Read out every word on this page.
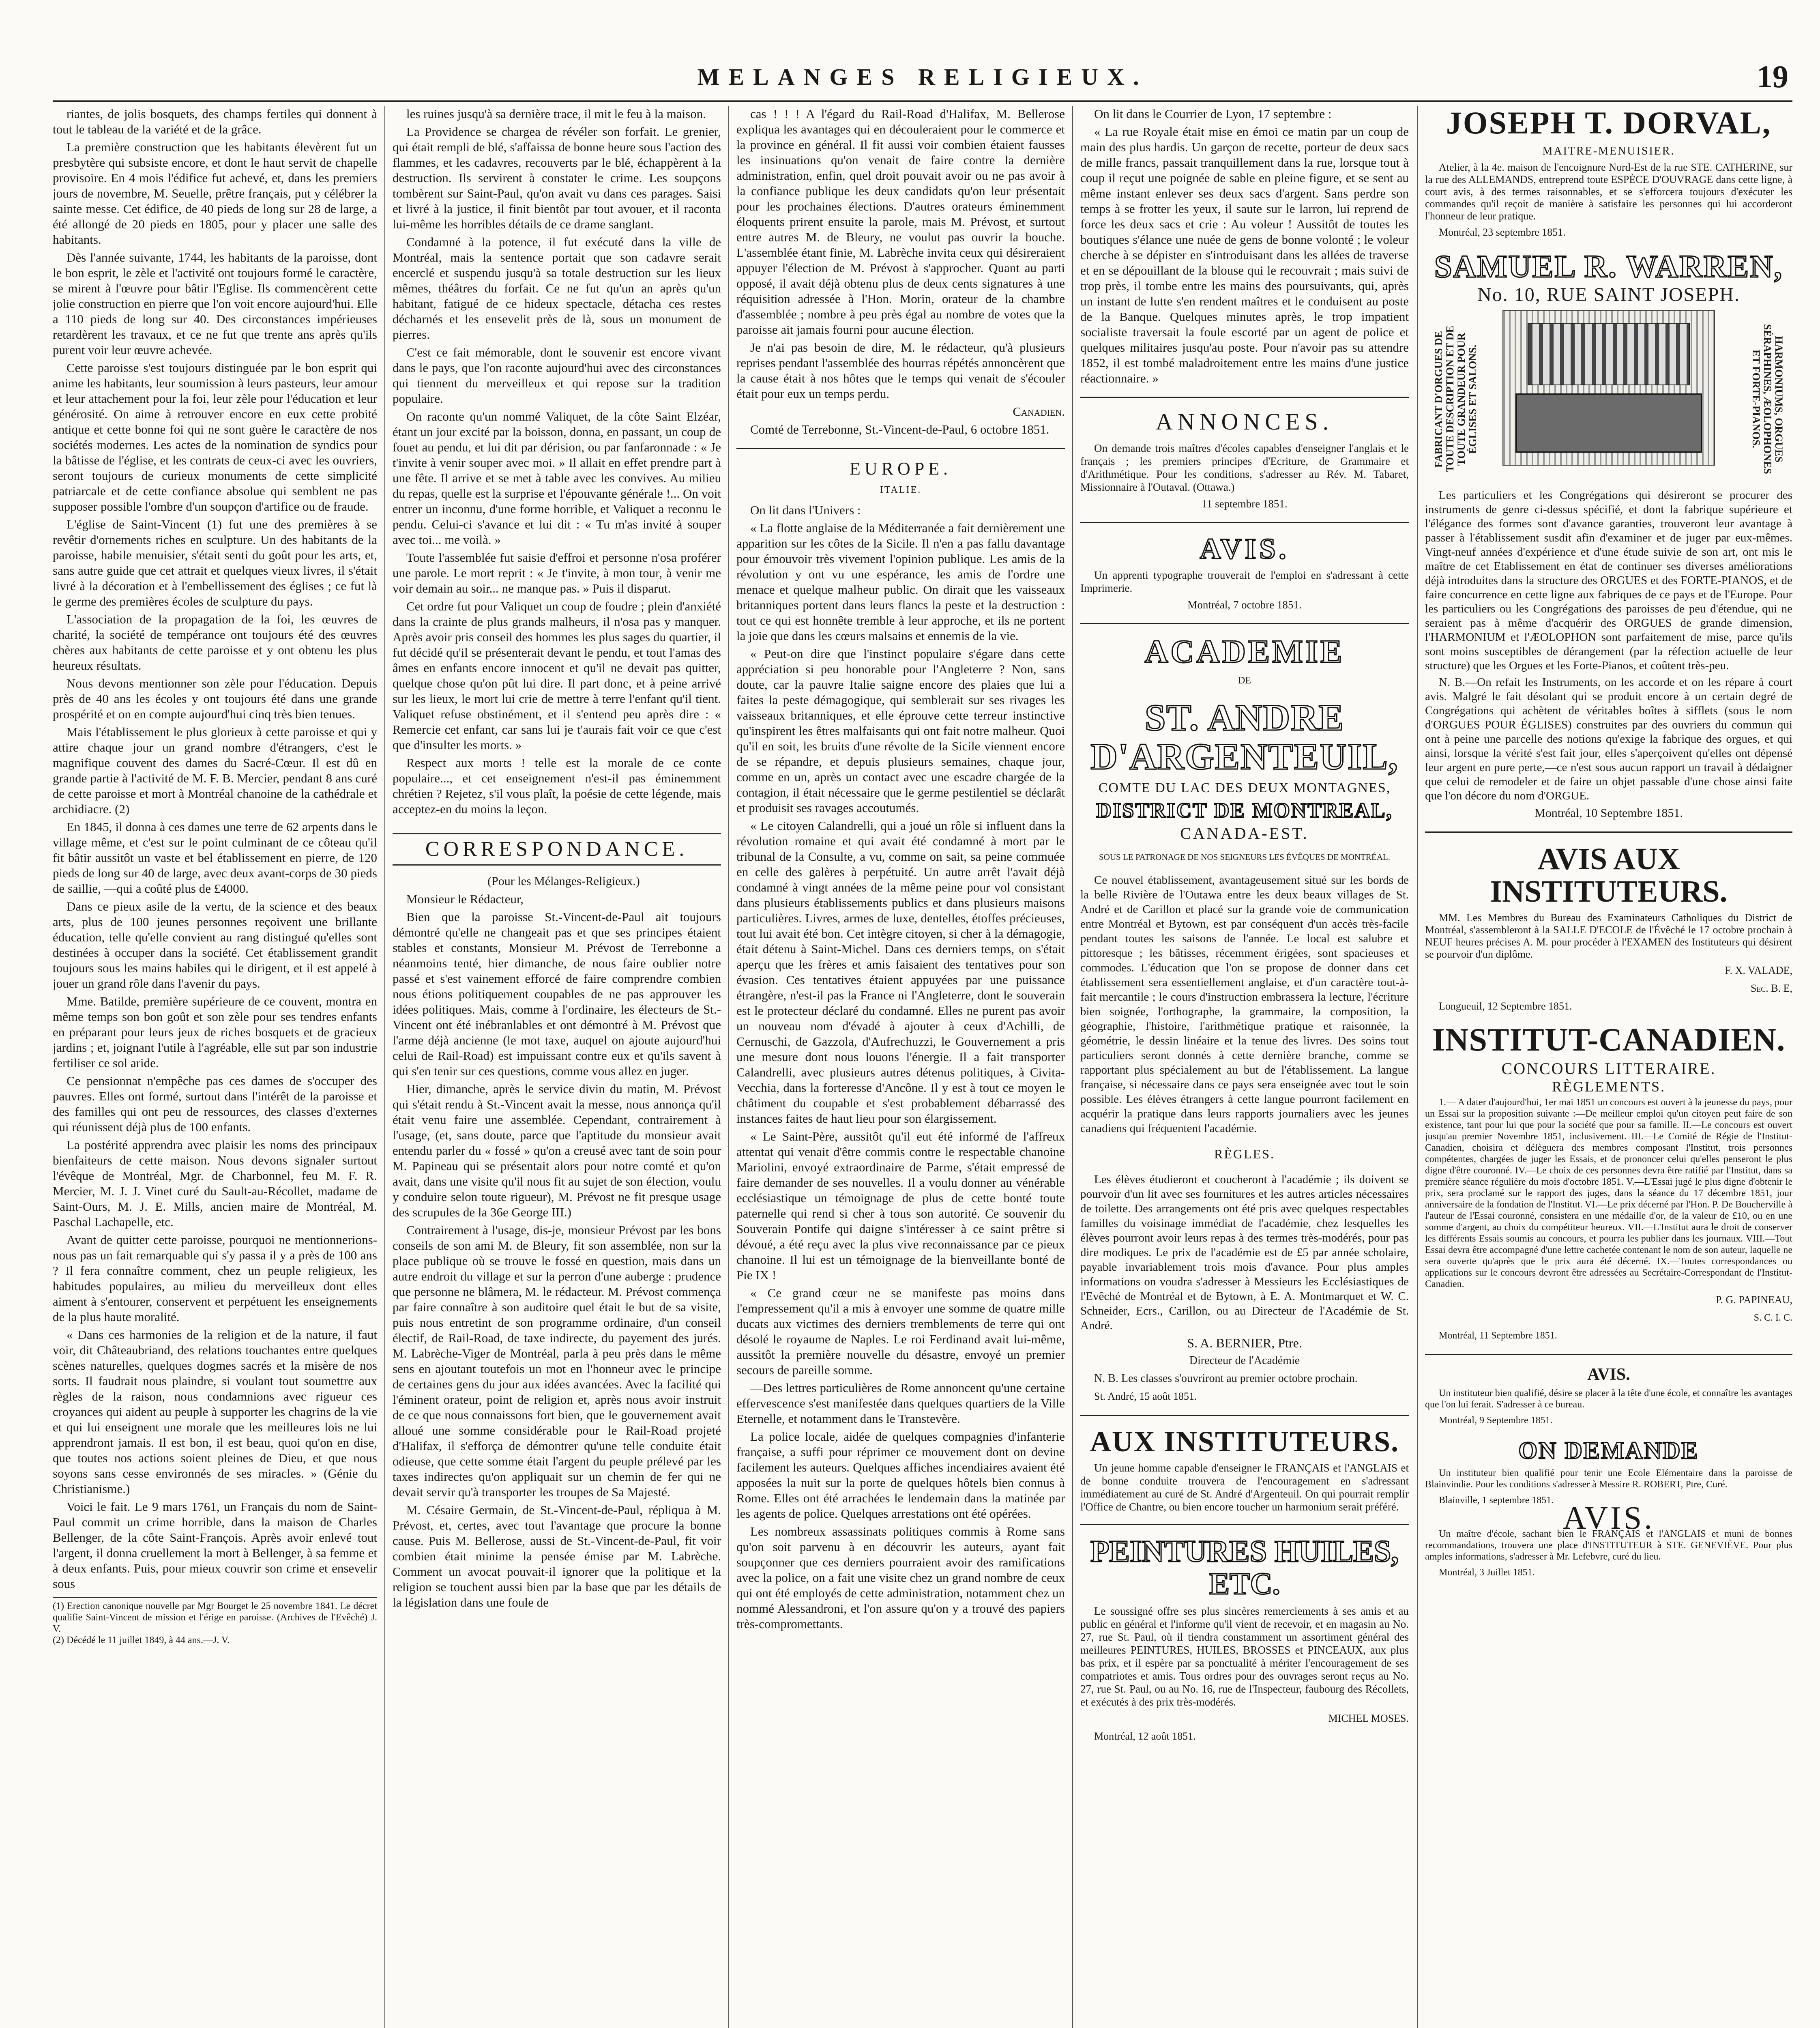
MELANGES RELIGIEUX.	19

riantes, de jolis bosquets, des champs fertiles qui donnent à tout le tableau de la variété et de la grâce.

La première construction que les habitants élevèrent fut un presbytère qui subsiste encore, et dont le haut servit de chapelle provisoire. En 4 mois l'édifice fut achevé, et, dans les premiers jours de novembre, M. Seuelle, prêtre français, put y célébrer la sainte messe. Cet édifice, de 40 pieds de long sur 28 de large, a été allongé de 20 pieds en 1805, pour y placer une salle des habitants.

Dès l'année suivante, 1744, les habitants de la paroisse, dont le bon esprit, le zèle et l'activité ont toujours formé le caractère, se mirent à l'œuvre pour bâtir l'Eglise. Ils commencèrent cette jolie construction en pierre que l'on voit encore aujourd'hui. Elle a 110 pieds de long sur 40. Des circonstances impérieuses retardèrent les travaux, et ce ne fut que trente ans après qu'ils purent voir leur œuvre achevée.

Cette paroisse s'est toujours distinguée par le bon esprit qui anime les habitants, leur soumission à leurs pasteurs, leur amour et leur attachement pour la foi, leur zèle pour l'éducation et leur générosité. On aime à retrouver encore en eux cette probité antique et cette bonne foi qui ne sont guère le caractère de nos sociétés modernes. Les actes de la nomination de syndics pour la bâtisse de l'église, et les contrats de ceux-ci avec les ouvriers, seront toujours de curieux monuments de cette simplicité patriarcale et de cette confiance absolue qui semblent ne pas supposer possible l'ombre d'un soupçon d'artifice ou de fraude.

L'église de Saint-Vincent (1) fut une des premières à se revêtir d'ornements riches en sculpture. Un des habitants de la paroisse, habile menuisier, s'était senti du goût pour les arts, et, sans autre guide que cet attrait et quelques vieux livres, il s'était livré à la décoration et à l'embellissement des églises ; ce fut là le germe des premières écoles de sculpture du pays.

L'association de la propagation de la foi, les œuvres de charité, la société de tempérance ont toujours été des œuvres chères aux habitants de cette paroisse et y ont obtenu les plus heureux résultats.

Nous devons mentionner son zèle pour l'éducation. Depuis près de 40 ans les écoles y ont toujours été dans une grande prospérité et on en compte aujourd'hui cinq très bien tenues.

Mais l'établissement le plus glorieux à cette paroisse et qui y attire chaque jour un grand nombre d'étrangers, c'est le magnifique couvent des dames du Sacré-Cœur. Il est dû en grande partie à l'activité de M. F. B. Mercier, pendant 8 ans curé de cette paroisse et mort à Montréal chanoine de la cathédrale et archidiacre. (2)

En 1845, il donna à ces dames une terre de 62 arpents dans le village même, et c'est sur le point culminant de ce côteau qu'il fit bâtir aussitôt un vaste et bel établissement en pierre, de 120 pieds de long sur 40 de large, avec deux avant-corps de 30 pieds de saillie, —qui a coûté plus de £4000.

Dans ce pieux asile de la vertu, de la science et des beaux arts, plus de 100 jeunes personnes reçoivent une brillante éducation, telle qu'elle convient au rang distingué qu'elles sont destinées à occuper dans la société. Cet établissement grandit toujours sous les mains habiles qui le dirigent, et il est appelé à jouer un grand rôle dans l'avenir du pays.

Mme. Batilde, première supérieure de ce couvent, montra en même temps son bon goût et son zèle pour ses tendres enfants en préparant pour leurs jeux de riches bosquets et de gracieux jardins ; et, joignant l'utile à l'agréable, elle sut par son industrie fertiliser ce sol aride.

Ce pensionnat n'empêche pas ces dames de s'occuper des pauvres. Elles ont formé, surtout dans l'intérêt de la paroisse et des familles qui ont peu de ressources, des classes d'externes qui réunissent déjà plus de 100 enfants.

La postérité apprendra avec plaisir les noms des principaux bienfaiteurs de cette maison. Nous devons signaler surtout l'évêque de Montréal, Mgr. de Charbonnel, feu M. F. R. Mercier, M. J. J. Vinet curé du Sault-au-Récollet, madame de Saint-Ours, M. J. E. Mills, ancien maire de Montréal, M. Paschal Lachapelle, etc.

Avant de quitter cette paroisse, pourquoi ne mentionnerions-nous pas un fait remarquable qui s'y passa il y a près de 100 ans ? Il fera connaître comment, chez un peuple religieux, les habitudes populaires, au milieu du merveilleux dont elles aiment à s'entourer, conservent et perpétuent les enseignements de la plus haute moralité.

« Dans ces harmonies de la religion et de la nature, il faut voir, dit Châteaubriand, des relations touchantes entre quelques scènes naturelles, quelques dogmes sacrés et la misère de nos sorts. Il faudrait nous plaindre, si voulant tout soumettre aux règles de la raison, nous condamnions avec rigueur ces croyances qui aident au peuple à supporter les chagrins de la vie et qui lui enseignent une morale que les meilleures lois ne lui apprendront jamais. Il est bon, il est beau, quoi qu'on en dise, que toutes nos actions soient pleines de Dieu, et que nous soyons sans cesse environnés de ses miracles. » (Génie du Christianisme.)

Voici le fait. Le 9 mars 1761, un Français du nom de Saint-Paul commit un crime horrible, dans la maison de Charles Bellenger, de la côte Saint-François. Après avoir enlevé tout l'argent, il donna cruellement la mort à Bellenger, à sa femme et à deux enfants. Puis, pour mieux couvrir son crime et ensevelir sous

(1) Erection canonique nouvelle par Mgr Bourget le 25 novembre 1841. Le décret qualifie Saint-Vincent de mission et l'érige en paroisse. (Archives de l'Evêché) J. V.
(2) Décédé le 11 juillet 1849, à 44 ans.—J. V.

les ruines jusqu'à sa dernière trace, il mit le feu à la maison.

La Providence se chargea de révéler son forfait. Le grenier, qui était rempli de blé, s'affaissa de bonne heure sous l'action des flammes, et les cadavres, recouverts par le blé, échappèrent à la destruction. Ils servirent à constater le crime. Les soupçons tombèrent sur Saint-Paul, qu'on avait vu dans ces parages. Saisi et livré à la justice, il finit bientôt par tout avouer, et il raconta lui-même les horribles détails de ce drame sanglant.

Condamné à la potence, il fut exécuté dans la ville de Montréal, mais la sentence portait que son cadavre serait encerclé et suspendu jusqu'à sa totale destruction sur les lieux mêmes, théâtres du forfait. Ce ne fut qu'un an après qu'un habitant, fatigué de ce hideux spectacle, détacha ces restes décharnés et les ensevelit près de là, sous un monument de pierres.

C'est ce fait mémorable, dont le souvenir est encore vivant dans le pays, que l'on raconte aujourd'hui avec des circonstances qui tiennent du merveilleux et qui repose sur la tradition populaire.

On raconte qu'un nommé Valiquet, de la côte Saint Elzéar, étant un jour excité par la boisson, donna, en passant, un coup de fouet au pendu, et lui dit par dérision, ou par fanfaronnade : « Je t'invite à venir souper avec moi. » Il allait en effet prendre part à une fête. Il arrive et se met à table avec les convives. Au milieu du repas, quelle est la surprise et l'épouvante générale !... On voit entrer un inconnu, d'une forme horrible, et Valiquet a reconnu le pendu. Celui-ci s'avance et lui dit : « Tu m'as invité à souper avec toi... me voilà. »

Toute l'assemblée fut saisie d'effroi et personne n'osa proférer une parole. Le mort reprit : « Je t'invite, à mon tour, à venir me voir demain au soir... ne manque pas. » Puis il disparut.

Cet ordre fut pour Valiquet un coup de foudre ; plein d'anxiété dans la crainte de plus grands malheurs, il n'osa pas y manquer. Après avoir pris conseil des hommes les plus sages du quartier, il fut décidé qu'il se présenterait devant le pendu, et tout l'amas des âmes en enfants encore innocent et qu'il ne devait pas quitter, quelque chose qu'on pût lui dire. Il part donc, et à peine arrivé sur les lieux, le mort lui crie de mettre à terre l'enfant qu'il tient. Valiquet refuse obstinément, et il s'entend peu après dire : « Remercie cet enfant, car sans lui je t'aurais fait voir ce que c'est que d'insulter les morts. »

Respect aux morts ! telle est la morale de ce conte populaire..., et cet enseignement n'est-il pas éminemment chrétien ? Rejetez, s'il vous plaît, la poésie de cette légende, mais acceptez-en du moins la leçon.

CORRESPONDANCE.

(Pour les Mélanges-Religieux.)

Monsieur le Rédacteur,

Bien que la paroisse St.-Vincent-de-Paul ait toujours démontré qu'elle ne changeait pas et que ses principes étaient stables et constants, Monsieur M. Prévost de Terrebonne a néanmoins tenté, hier dimanche, de nous faire oublier notre passé et s'est vainement efforcé de faire comprendre combien nous étions politiquement coupables de ne pas approuver les idées politiques. Mais, comme à l'ordinaire, les électeurs de St.-Vincent ont été inébranlables et ont démontré à M. Prévost que l'arme déjà ancienne (le mot taxe, auquel on ajoute aujourd'hui celui de Rail-Road) est impuissant contre eux et qu'ils savent à qui s'en tenir sur ces questions, comme vous allez en juger.

Hier, dimanche, après le service divin du matin, M. Prévost qui s'était rendu à St.-Vincent avait la messe, nous annonça qu'il était venu faire une assemblée. Cependant, contrairement à l'usage, (et, sans doute, parce que l'aptitude du monsieur avait entendu parler du « fossé » qu'on a creusé avec tant de soin pour M. Papineau qui se présentait alors pour notre comté et qu'on avait, dans une visite qu'il nous fit au sujet de son élection, voulu y conduire selon toute rigueur), M. Prévost ne fit presque usage des scrupules de la 36e George III.)

Contrairement à l'usage, dis-je, monsieur Prévost par les bons conseils de son ami M. de Bleury, fit son assemblée, non sur la place publique où se trouve le fossé en question, mais dans un autre endroit du village et sur la perron d'une auberge : prudence que personne ne blâmera, M. le rédacteur. M. Prévost commença par faire connaître à son auditoire quel était le but de sa visite, puis nous entretint de son programme ordinaire, d'un conseil électif, de Rail-Road, de taxe indirecte, du payement des jurés. M. Labrèche-Viger de Montréal, parla à peu près dans le même sens en ajoutant toutefois un mot en l'honneur avec le principe de certaines gens du jour aux idées avancées. Avec la facilité qui l'éminent orateur, point de religion et, après nous avoir instruit de ce que nous connaissons fort bien, que le gouvernement avait alloué une somme considérable pour le Rail-Road projeté d'Halifax, il s'efforça de démontrer qu'une telle conduite était odieuse, que cette somme était l'argent du peuple prélevé par les taxes indirectes qu'on appliquait sur un chemin de fer qui ne devait servir qu'à transporter les troupes de Sa Majesté.

M. Césaire Germain, de St.-Vincent-de-Paul, répliqua à M. Prévost, et, certes, avec tout l'avantage que procure la bonne cause. Puis M. Bellerose, aussi de St.-Vincent-de-Paul, fit voir combien était minime la pensée émise par M. Labrèche. Comment un avocat pouvait-il ignorer que la politique et la religion se touchent aussi bien par la base que par les détails de la législation dans une foule de

cas ! ! ! A l'égard du Rail-Road d'Halifax, M. Bellerose expliqua les avantages qui en découleraient pour le commerce et la province en général. Il fit aussi voir combien étaient fausses les insinuations qu'on venait de faire contre la dernière administration, enfin, quel droit pouvait avoir ou ne pas avoir à la confiance publique les deux candidats qu'on leur présentait pour les prochaines élections. D'autres orateurs éminemment éloquents prirent ensuite la parole, mais M. Prévost, et surtout entre autres M. de Bleury, ne voulut pas ouvrir la bouche. L'assemblée étant finie, M. Labrèche invita ceux qui désireraient appuyer l'élection de M. Prévost à s'approcher. Quant au parti opposé, il avait déjà obtenu plus de deux cents signatures à une réquisition adressée à l'Hon. Morin, orateur de la chambre d'assemblée ; nombre à peu près égal au nombre de votes que la paroisse ait jamais fourni pour aucune élection.

Je n'ai pas besoin de dire, M. le rédacteur, qu'à plusieurs reprises pendant l'assemblée des hourras répétés annoncèrent que la cause était à nos hôtes que le temps qui venait de s'écouler était pour eux un temps perdu.

Canadien.

Comté de Terrebonne, St.-Vincent-de-Paul, 6 octobre 1851.

EUROPE.
ITALIE.

On lit dans l'Univers :

« La flotte anglaise de la Méditerranée a fait dernièrement une apparition sur les côtes de la Sicile. Il n'en a pas fallu davantage pour émouvoir très vivement l'opinion publique. Les amis de la révolution y ont vu une espérance, les amis de l'ordre une menace et quelque malheur public. On dirait que les vaisseaux britanniques portent dans leurs flancs la peste et la destruction : tout ce qui est honnête tremble à leur approche, et ils ne portent la joie que dans les cœurs malsains et ennemis de la vie.

« Peut-on dire que l'instinct populaire s'égare dans cette appréciation si peu honorable pour l'Angleterre ? Non, sans doute, car la pauvre Italie saigne encore des plaies que lui a faites la peste démagogique, qui semblerait sur ses rivages les vaisseaux britanniques, et elle éprouve cette terreur instinctive qu'inspirent les êtres malfaisants qui ont fait notre malheur. Quoi qu'il en soit, les bruits d'une révolte de la Sicile viennent encore de se répandre, et depuis plusieurs semaines, chaque jour, comme en un, après un contact avec une escadre chargée de la contagion, il était nécessaire que le germe pestilentiel se déclarât et produisit ses ravages accoutumés.

« Le citoyen Calandrelli, qui a joué un rôle si influent dans la révolution romaine et qui avait été condamné à mort par le tribunal de la Consulte, a vu, comme on sait, sa peine commuée en celle des galères à perpétuité. Un autre arrêt l'avait déjà condamné à vingt années de la même peine pour vol consistant dans plusieurs établissements publics et dans plusieurs maisons particulières. Livres, armes de luxe, dentelles, étoffes précieuses, tout lui avait été bon. Cet intègre citoyen, si cher à la démagogie, était détenu à Saint-Michel. Dans ces derniers temps, on s'était aperçu que les frères et amis faisaient des tentatives pour son évasion. Ces tentatives étaient appuyées par une puissance étrangère, n'est-il pas la France ni l'Angleterre, dont le souverain est le protecteur déclaré du condamné. Elles ne purent pas avoir un nouveau nom d'évadé à ajouter à ceux d'Achilli, de Cernuschi, de Gazzola, d'Aufrechuzzi, le Gouvernement a pris une mesure dont nous louons l'énergie. Il a fait transporter Calandrelli, avec plusieurs autres détenus politiques, à Civita-Vecchia, dans la forteresse d'Ancône. Il y est à tout ce moyen le châtiment du coupable et s'est probablement débarrassé des instances faites de haut lieu pour son élargissement.

« Le Saint-Père, aussitôt qu'il eut été informé de l'affreux attentat qui venait d'être commis contre le respectable chanoine Mariolini, envoyé extraordinaire de Parme, s'était empressé de faire demander de ses nouvelles. Il a voulu donner au vénérable ecclésiastique un témoignage de plus de cette bonté toute paternelle qui rend si cher à tous son autorité. Ce souvenir du Souverain Pontife qui daigne s'intéresser à ce saint prêtre si dévoué, a été reçu avec la plus vive reconnaissance par ce pieux chanoine. Il lui est un témoignage de la bienveillante bonté de Pie IX !

« Ce grand cœur ne se manifeste pas moins dans l'empressement qu'il a mis à envoyer une somme de quatre mille ducats aux victimes des derniers tremblements de terre qui ont désolé le royaume de Naples. Le roi Ferdinand avait lui-même, aussitôt la première nouvelle du désastre, envoyé un premier secours de pareille somme.

—Des lettres particulières de Rome annoncent qu'une certaine effervescence s'est manifestée dans quelques quartiers de la Ville Eternelle, et notamment dans le Transtevère.

La police locale, aidée de quelques compagnies d'infanterie française, a suffi pour réprimer ce mouvement dont on devine facilement les auteurs. Quelques affiches incendiaires avaient été apposées la nuit sur la porte de quelques hôtels bien connus à Rome. Elles ont été arrachées le lendemain dans la matinée par les agents de police. Quelques arrestations ont été opérées.

Les nombreux assassinats politiques commis à Rome sans qu'on soit parvenu à en découvrir les auteurs, ayant fait soupçonner que ces derniers pourraient avoir des ramifications avec la police, on a fait une visite chez un grand nombre de ceux qui ont été employés de cette administration, notamment chez un nommé Alessandroni, et l'on assure qu'on y a trouvé des papiers très-compromettants.

On lit dans le Courrier de Lyon, 17 septembre :

« La rue Royale était mise en émoi ce matin par un coup de main des plus hardis. Un garçon de recette, porteur de deux sacs de mille francs, passait tranquillement dans la rue, lorsque tout à coup il reçut une poignée de sable en pleine figure, et se sent au même instant enlever ses deux sacs d'argent. Sans perdre son temps à se frotter les yeux, il saute sur le larron, lui reprend de force les deux sacs et crie : Au voleur ! Aussitôt de toutes les boutiques s'élance une nuée de gens de bonne volonté ; le voleur cherche à se dépister en s'introduisant dans les allées de traverse et en se dépouillant de la blouse qui le recouvrait ; mais suivi de trop près, il tombe entre les mains des poursuivants, qui, après un instant de lutte s'en rendent maîtres et le conduisent au poste de la Banque. Quelques minutes après, le trop impatient socialiste traversait la foule escorté par un agent de police et quelques militaires jusqu'au poste. Pour n'avoir pas su attendre 1852, il est tombé maladroitement entre les mains d'une justice réactionnaire. »

ANNONCES.

On demande trois maîtres d'écoles capables d'enseigner l'anglais et le français ; les premiers principes d'Ecriture, de Grammaire et d'Arithmétique. Pour les conditions, s'adresser au Rév. M. Tabaret, Missionnaire à l'Outaval. (Ottawa.)

11 septembre 1851.

AVIS.

Un apprenti typographe trouverait de l'emploi en s'adressant à cette Imprimerie.

Montréal, 7 octobre 1851.

ACADEMIE
DE
ST. ANDRE D'ARGENTEUIL,
COMTE DU LAC DES DEUX MONTAGNES,
DISTRICT DE MONTREAL,
CANADA-EST.
SOUS LE PATRONAGE DE NOS SEIGNEURS LES ÉVÊQUES DE MONTRÉAL.

Ce nouvel établissement, avantageusement situé sur les bords de la belle Rivière de l'Outawa entre les deux beaux villages de St. André et de Carillon et placé sur la grande voie de communication entre Montréal et Bytown, est par conséquent d'un accès très-facile pendant toutes les saisons de l'année. Le local est salubre et pittoresque ; les bâtisses, récemment érigées, sont spacieuses et commodes. L'éducation que l'on se propose de donner dans cet établissement sera essentiellement anglaise, et d'un caractère tout-à-fait mercantile ; le cours d'instruction embrassera la lecture, l'écriture bien soignée, l'orthographe, la grammaire, la composition, la géographie, l'histoire, l'arithmétique pratique et raisonnée, la géométrie, le dessin linéaire et la tenue des livres. Des soins tout particuliers seront donnés à cette dernière branche, comme se rapportant plus spécialement au but de l'établissement. La langue française, si nécessaire dans ce pays sera enseignée avec tout le soin possible. Les élèves étrangers à cette langue pourront facilement en acquérir la pratique dans leurs rapports journaliers avec les jeunes canadiens qui fréquentent l'académie.

RÈGLES.

Les élèves étudieront et coucheront à l'académie ; ils doivent se pourvoir d'un lit avec ses fournitures et les autres articles nécessaires de toilette. Des arrangements ont été pris avec quelques respectables familles du voisinage immédiat de l'académie, chez lesquelles les élèves pourront avoir leurs repas à des termes très-modérés, pour pas dire modiques. Le prix de l'académie est de £5 par année scholaire, payable invariablement trois mois d'avance. Pour plus amples informations on voudra s'adresser à Messieurs les Ecclésiastiques de l'Evêché de Montréal et de Bytown, à E. A. Montmarquet et W. C. Schneider, Ecrs., Carillon, ou au Directeur de l'Académie de St. André.

S. A. BERNIER, Ptre.

Directeur de l'Académie

N. B. Les classes s'ouvriront au premier octobre prochain.

St. André, 15 août 1851.

AUX INSTITUTEURS.

Un jeune homme capable d'enseigner le FRANÇAIS et l'ANGLAIS et de bonne conduite trouvera de l'encouragement en s'adressant immédiatement au curé de St. André d'Argenteuil. On qui pourrait remplir l'Office de Chantre, ou bien encore toucher un harmonium serait préféré.

PEINTURES HUILES, ETC.

Le soussigné offre ses plus sincères remerciements à ses amis et au public en général et l'informe qu'il vient de recevoir, et en magasin au No. 27, rue St. Paul, où il tiendra constamment un assortiment général des meilleures PEINTURES, HUILES, BROSSES et PINCEAUX, aux plus bas prix, et il espère par sa ponctualité à mériter l'encouragement de ses compatriotes et amis. Tous ordres pour des ouvrages seront reçus au No. 27, rue St. Paul, ou au No. 16, rue de l'Inspecteur, faubourg des Récollets, et exécutés à des prix très-modérés.

MICHEL MOSES.

Montréal, 12 août 1851.

JOSEPH T. DORVAL,
MAITRE-MENUISIER.

Atelier, à la 4e. maison de l'encoignure Nord-Est de la rue STE. CATHERINE, sur la rue des ALLEMANDS, entreprend toute ESPÈCE D'OUVRAGE dans cette ligne, à court avis, à des termes raisonnables, et se s'efforcera toujours d'exécuter les commandes qu'il reçoit de manière à satisfaire les personnes qui lui accorderont l'honneur de leur pratique.

Montréal, 23 septembre 1851.

SAMUEL R. WARREN,
No. 10, RUE SAINT JOSEPH.
FABRICANT D'ORGUES DE TOUTE DESCRIPTION ET DE TOUTE GRANDEUR POUR ÉGLISES ET SALONS.	HARMONIUMS, ORGUES SÉRAPHINES, ÆOLOPHONES ET FORTE-PIANOS.

Les particuliers et les Congrégations qui désireront se procurer des instruments de genre ci-dessus spécifié, et dont la fabrique supérieure et l'élégance des formes sont d'avance garanties, trouveront leur avantage à passer à l'établissement susdit afin d'examiner et de juger par eux-mêmes. Vingt-neuf années d'expérience et d'une étude suivie de son art, ont mis le maître de cet Etablissement en état de continuer ses diverses améliorations déjà introduites dans la structure des ORGUES et des FORTE-PIANOS, et de faire concurrence en cette ligne aux fabriques de ce pays et de l'Europe. Pour les particuliers ou les Congrégations des paroisses de peu d'étendue, qui ne seraient pas à même d'acquérir des ORGUES de grande dimension, l'HARMONIUM et l'ÆOLOPHON sont parfaitement de mise, parce qu'ils sont moins susceptibles de dérangement (par la réfection actuelle de leur structure) que les Orgues et les Forte-Pianos, et coûtent très-peu.

N. B.—On refait les Instruments, on les accorde et on les répare à court avis. Malgré le fait désolant qui se produit encore à un certain degré de Congrégations qui achètent de véritables boîtes à sifflets (sous le nom d'ORGUES POUR ÉGLISES) construites par des ouvriers du commun qui ont à peine une parcelle des notions qu'exige la fabrique des orgues, et qui ainsi, lorsque la vérité s'est fait jour, elles s'aperçoivent qu'elles ont dépensé leur argent en pure perte,—ce n'est sous aucun rapport un travail à dédaigner que celui de remodeler et de faire un objet passable d'une chose ainsi faite que l'on décore du nom d'ORGUE.

Montréal, 10 Septembre 1851.

AVIS AUX INSTITUTEURS.

MM. Les Membres du Bureau des Examinateurs Catholiques du District de Montréal, s'assembleront à la SALLE D'ECOLE de l'Évêché le 17 octobre prochain à NEUF heures précises A. M. pour procéder à l'EXAMEN des Instituteurs qui désirent se pourvoir d'un diplôme.

F. X. VALADE,

Sec. B. E,

Longueuil, 12 Septembre 1851.

INSTITUT-CANADIEN.
CONCOURS LITTERAIRE.
RÈGLEMENTS.

1.— A dater d'aujourd'hui, 1er mai 1851 un concours est ouvert à la jeunesse du pays, pour un Essai sur la proposition suivante :—De meilleur emploi qu'un citoyen peut faire de son existence, tant pour lui que pour la société que pour sa famille. II.—Le concours est ouvert jusqu'au premier Novembre 1851, inclusivement. III.—Le Comité de Régie de l'Institut-Canadien, choisira et délèguera des membres composant l'Institut, trois personnes compétentes, chargées de juger les Essais, et de prononcer celui qu'elles penseront le plus digne d'être couronné. IV.—Le choix de ces personnes devra être ratifié par l'Institut, dans sa première séance régulière du mois d'octobre 1851. V.—L'Essai jugé le plus digne d'obtenir le prix, sera proclamé sur le rapport des juges, dans la séance du 17 décembre 1851, jour anniversaire de la fondation de l'Institut. VI.—Le prix décerné par l'Hon. P. De Boucherville à l'auteur de l'Essai couronné, consistera en une médaille d'or, de la valeur de £10, ou en une somme d'argent, au choix du compétiteur heureux. VII.—L'Institut aura le droit de conserver les différents Essais soumis au concours, et pourra les publier dans les journaux. VIII.—Tout Essai devra être accompagné d'une lettre cachetée contenant le nom de son auteur, laquelle ne sera ouverte qu'après que le prix aura été décerné. IX.—Toutes correspondances ou applications sur le concours devront être adressées au Secrétaire-Correspondant de l'Institut-Canadien.

P. G. PAPINEAU,

S. C. I. C.

Montréal, 11 Septembre 1851.

AVIS.

Un instituteur bien qualifié, désire se placer à la tête d'une école, et connaître les avantages que l'on lui ferait. S'adresser à ce bureau.

Montréal, 9 Septembre 1851.

ON DEMANDE

Un instituteur bien qualifié pour tenir une Ecole Elémentaire dans la paroisse de Blainvindie. Pour les conditions s'adresser à Messire R. ROBERT, Ptre, Curé.

Blainville, 1 septembre 1851. AVIS.

Un maître d'école, sachant bien le FRANÇAIS et l'ANGLAIS et muni de bonnes recommandations, trouvera une place d'INSTITUTEUR à STE. GENEVIÈVE. Pour plus amples informations, s'adresser à Mr. Lefebvre, curé du lieu.

Montréal, 3 Juillet 1851.
